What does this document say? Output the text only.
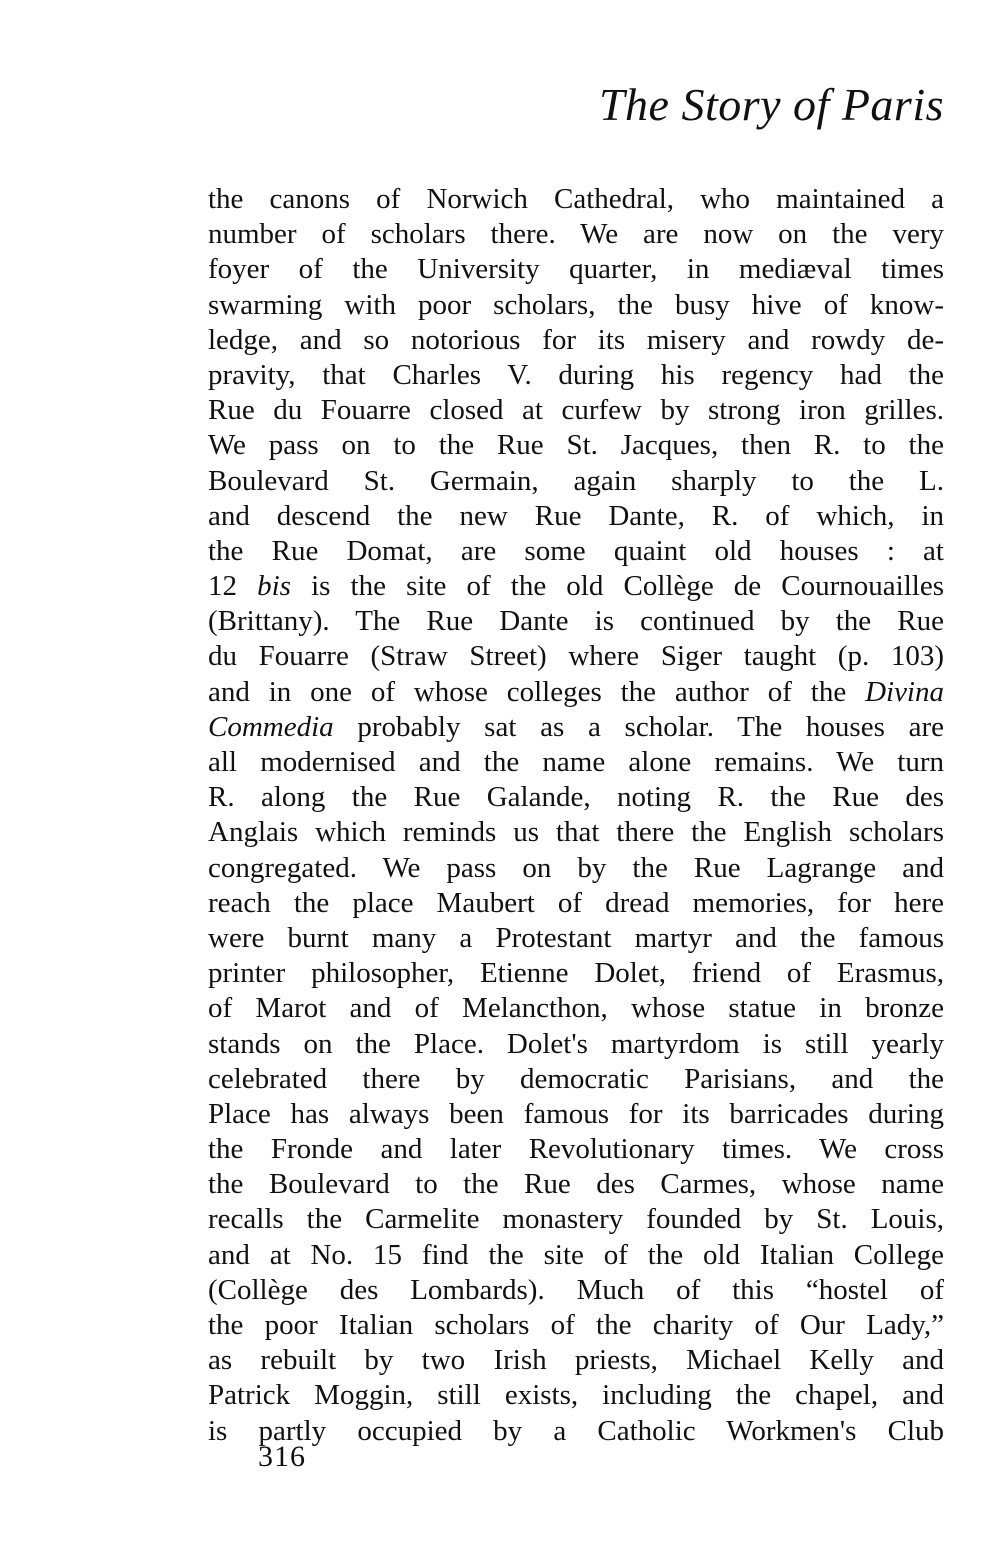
The Story of Paris
the canons of Norwich Cathedral, who maintained a
number of scholars there. We are now on the very
foyer of the University quarter, in mediæval times
swarming with poor scholars, the busy hive of know-
ledge, and so notorious for its misery and rowdy de-
pravity, that Charles V. during his regency had the
Rue du Fouarre closed at curfew by strong iron grilles.
We pass on to the Rue St. Jacques, then R. to the
Boulevard St. Germain, again sharply to the L.
and descend the new Rue Dante, R. of which, in
the Rue Domat, are some quaint old houses : at
12 bis is the site of the old Collège de Cournouailles
(Brittany). The Rue Dante is continued by the Rue
du Fouarre (Straw Street) where Siger taught (p. 103)
and in one of whose colleges the author of the Divina
Commedia probably sat as a scholar. The houses are
all modernised and the name alone remains. We turn
R. along the Rue Galande, noting R. the Rue des
Anglais which reminds us that there the English scholars
congregated. We pass on by the Rue Lagrange and
reach the place Maubert of dread memories, for here
were burnt many a Protestant martyr and the famous
printer philosopher, Etienne Dolet, friend of Erasmus,
of Marot and of Melancthon, whose statue in bronze
stands on the Place. Dolet's martyrdom is still yearly
celebrated there by democratic Parisians, and the
Place has always been famous for its barricades during
the Fronde and later Revolutionary times. We cross
the Boulevard to the Rue des Carmes, whose name
recalls the Carmelite monastery founded by St. Louis,
and at No. 15 find the site of the old Italian College
(Collège des Lombards). Much of this “hostel of
the poor Italian scholars of the charity of Our Lady,”
as rebuilt by two Irish priests, Michael Kelly and
Patrick Moggin, still exists, including the chapel, and
is partly occupied by a Catholic Workmen's Club
316
